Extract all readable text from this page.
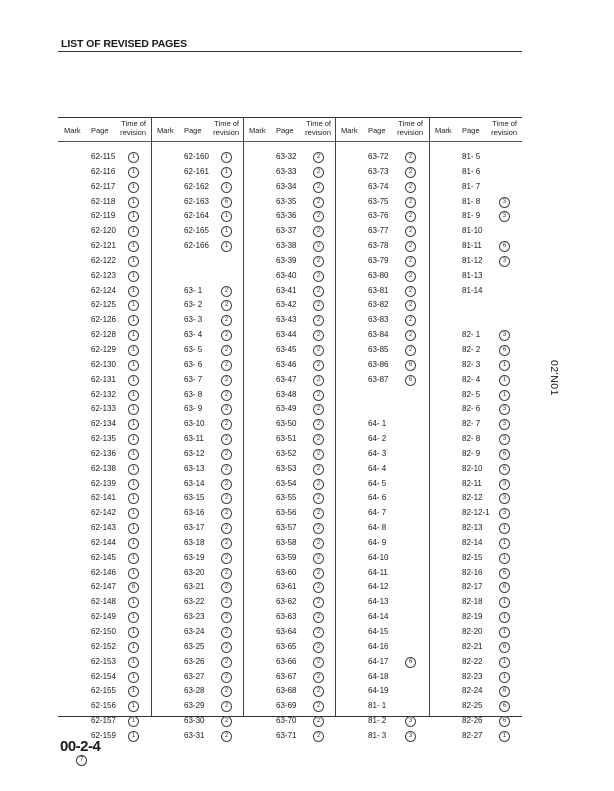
LIST OF REVISED PAGES
02'N01
Mark Page
Time of
revision
62-115	1
62-116	1
62-117	1
62-118	1
62-119	1
62-120	1
62-121	1
62-122	1
62-123	1
62-124	1
62-125	1
62-126	1
62-128	1
62-129	1
62-130	1
62-131	1
62-132	1
62-133	1
62-134	1
62-135	1
62-136	1
62-138	1
62-139	1
62-141	1
62-142	1
62-143	1
62-144	1
62-145	1
62-146	1
62-147	6
62-148	1
62-149	1
62-150	1
62-152	1
62-153	1
62-154	1
62-155	1
62-156	1
62-157	1
62-159	1
Mark Page
Time of
revision
62-160	1
62-161	1
62-162	1
62-163	6
62-164	1
62-165	1
62-166	1
63- 1	2
63- 2	2
63- 3	2
63- 4	2
63- 5	2
63- 6	2
63- 7	2
63- 8	2
63- 9	2
63-10	2
63-11	2
63-12	2
63-13	2
63-14	2
63-15	2
63-16	2
63-17	2
63-18	2
63-19	2
63-20	2
63-21	2
63-22	2
63-23	2
63-24	2
63-25	2
63-26	2
63-27	2
63-28	2
63-29	2
63-30	2
63-31	2
Mark Page
Time of
revision
63-32	2
63-33	2
63-34	2
63-35	2
63-36	2
63-37	2
63-38	2
63-39	2
63-40	2
63-41	2
63-42	2
63-43	2
63-44	2
63-45	2
63-46	2
63-47	2
63-48	2
63-49	2
63-50	2
63-51	2
63-52	2
63-53	2
63-54	2
63-55	2
63-56	2
63-57	2
63-58	2
63-59	2
63-60	2
63-61	2
63-62	2
63-63	2
63-64	2
63-65	2
63-66	2
63-67	2
63-68	2
63-69	2
63-70	2
63-71	2
Mark Page
Time of
revision
63-72	2
63-73	2
63-74	2
63-75	2
63-76	2
63-77	2
63-78	2
63-79	2
63-80	2
63-81	2
63-82	2
63-83	2
63-84	2
63-85	2
63-86	6
63-87	6
64- 1
64- 2
64- 3
64- 4
64- 5
64- 6
64- 7
64- 8
64- 9
64-10
64-11
64-12
64-13
64-14
64-15
64-16
64-17	6
64-18
64-19
81- 1
81- 2	3
81- 3	3
Mark Page
Time of
revision
81- 5
81- 6
81- 7
81- 8	3
81- 9	3
81-10
81-11	6
81-12	3
81-13
81-14
82- 1	3
82- 2	6
82- 3	1
82- 4	1
82- 5	1
82- 6	3
82- 7	3
82- 8	3
82- 9	6
82-10	6
82-11	3
82-12	3
82-12-1	3
82-13	1
82-14	1
82-15	1
82-16	6
82-17	6
82-18	1
82-19	1
82-20	1
82-21	6
82-22	1
82-23	1
82-24	6
82-25	6
82-26	6
82-27	1
00-2-4
7
